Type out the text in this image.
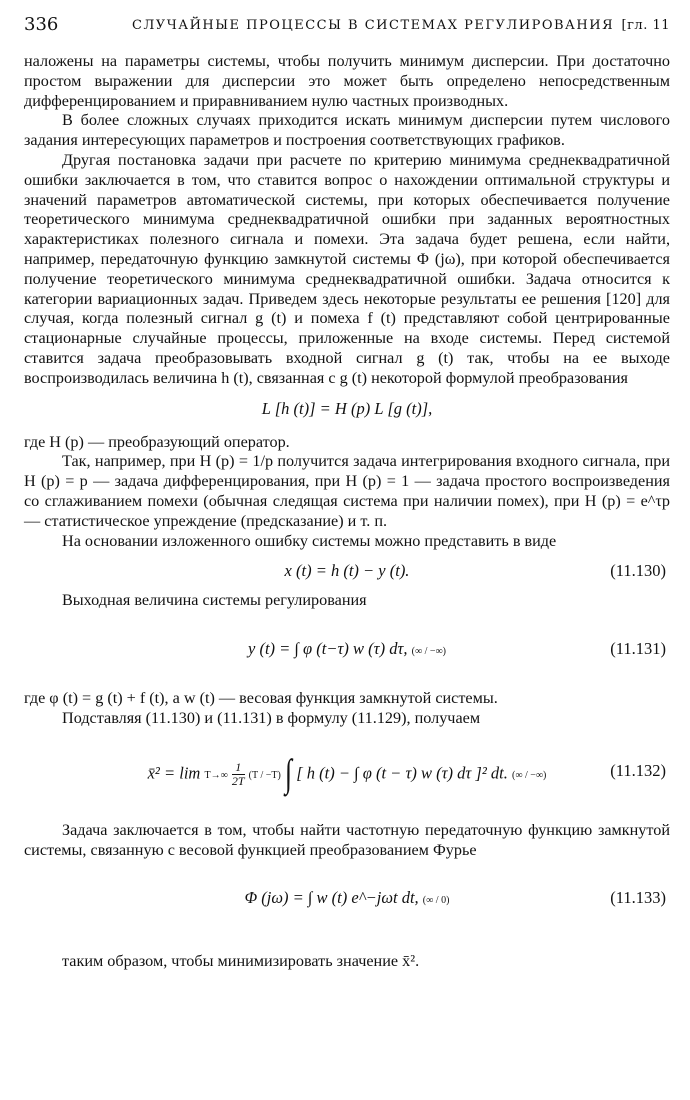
336	СЛУЧАЙНЫЕ ПРОЦЕССЫ В СИСТЕМАХ РЕГУЛИРОВАНИЯ [гл. 11

наложены на параметры системы, чтобы получить минимум дисперсии. При достаточно простом выражении для дисперсии это может быть определено непосредственным дифференцированием и приравниванием нулю частных производных.

В более сложных случаях приходится искать минимум дисперсии путем числового задания интересующих параметров и построения соответствующих графиков.

Другая постановка задачи при расчете по критерию минимума среднеквадратичной ошибки заключается в том, что ставится вопрос о нахождении оптимальной структуры и значений параметров автоматической системы, при которых обеспечивается получение теоретического минимума среднеквадратичной ошибки при заданных вероятностных характеристиках полезного сигнала и помехи. Эта задача будет решена, если найти, например, передаточную функцию замкнутой системы Φ (jω), при которой обеспечивается получение теоретического минимума среднеквадратичной ошибки. Задача относится к категории вариационных задач. Приведем здесь некоторые результаты ее решения [120] для случая, когда полезный сигнал g (t) и помеха f (t) представляют собой центрированные стационарные случайные процессы, приложенные на входе системы. Перед системой ставится задача преобразовывать входной сигнал g (t) так, чтобы на ее выходе воспроизводилась величина h (t), связанная с g (t) некоторой формулой преобразования

L [h (t)] = H (p) L [g (t)],

где H (p) — преобразующий оператор.

Так, например, при H (p) = 1/p получится задача интегрирования входного сигнала, при H (p) = p — задача дифференцирования, при H (p) = 1 — задача простого воспроизведения со сглаживанием помехи (обычная следящая система при наличии помех), при H (p) = e^τp — статистическое упреждение (предсказание) и т. п.

На основании изложенного ошибку системы можно представить в виде

x (t) = h (t) − y (t).	(11.130)

Выходная величина системы регулирования

y (t) = ∫ φ (t−τ) w (τ) dτ, (∞ / −∞)	(11.131)

где φ (t) = g (t) + f (t), а w (t) — весовая функция замкнутой системы.

Подставляя (11.130) и (11.131) в формулу (11.129), получаем

x̄² = $\lim T\to\infty \frac{1}{2T} (T / -T)$ ∫ [ h (t) − ∫ φ (t − τ) w (τ) dτ ]² dt. (∞ / −∞)	(11.132)

Задача заключается в том, чтобы найти частотную передаточную функцию замкнутой системы, связанную с весовой функцией преобразованием Фурье

Φ (jω) = ∫ w (t) e^−jωt dt, (∞ / 0)	(11.133)

таким образом, чтобы минимизировать значение x̄².
